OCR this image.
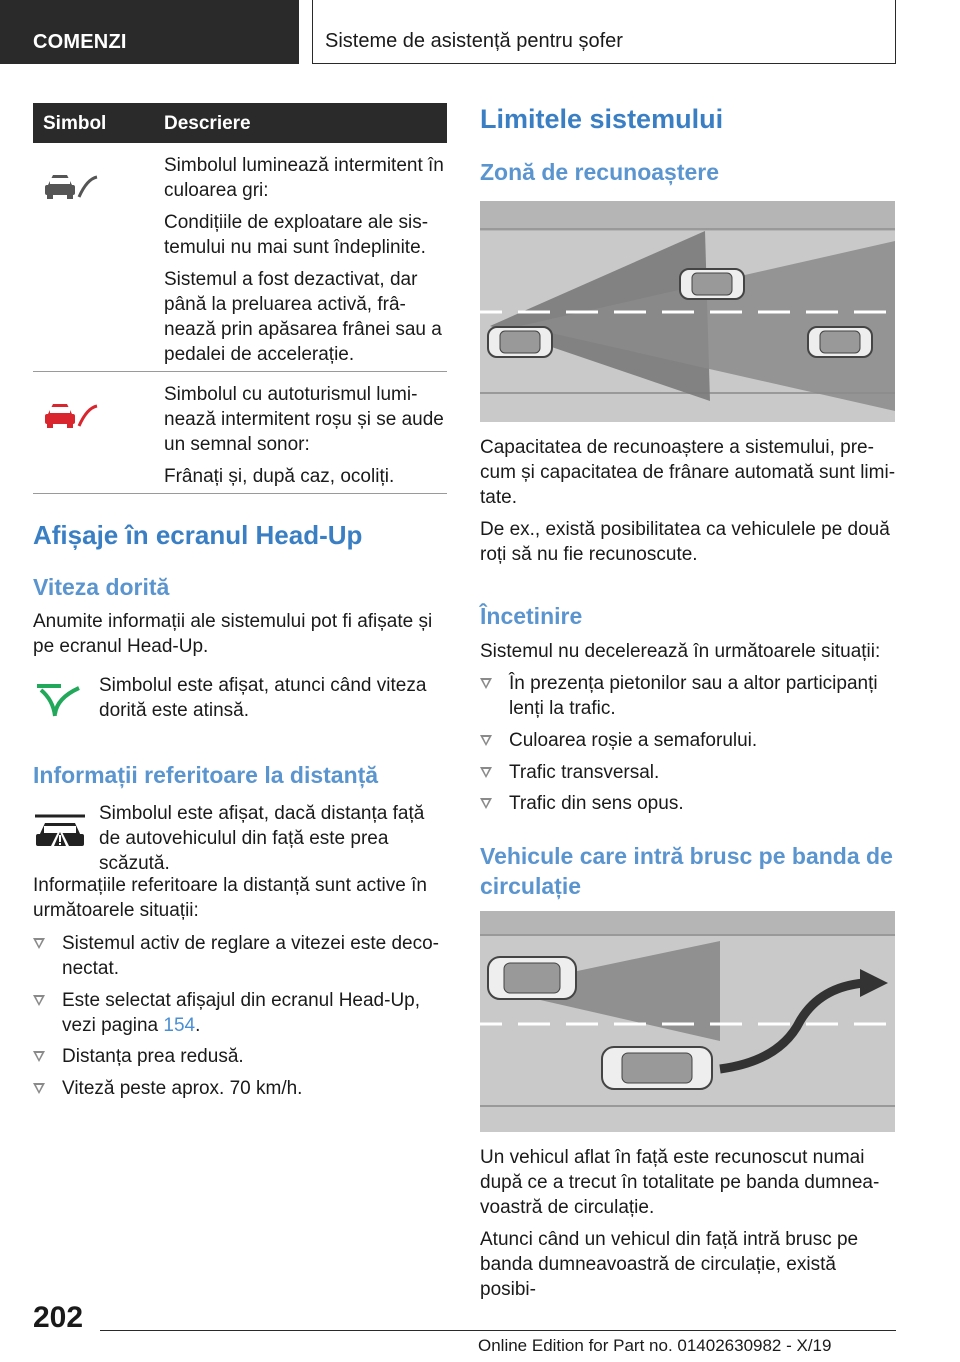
COMENZI	Sisteme de asistență pentru șofer
Simbol	Descriere

Simbolul luminează intermitent în culoarea gri:

Condițiile de exploatare ale sis-temului nu mai sunt îndeplinite.

Sistemul a fost dezactivat, dar până la preluarea activă, frâ-nează prin apăsarea frânei sau a pedalei de accelerație.

Simbolul cu autoturismul lumi-nează intermitent roșu și se aude un semnal sonor:

Frânați și, după caz, ocoliți.

Afișaje în ecranul Head-Up
Viteza dorită
Anumite informații ale sistemului pot fi afișate și pe ecranul Head-Up.
Simbolul este afișat, atunci când viteza dorită este atinsă.
Informații referitoare la distanță
Simbolul este afișat, dacă distanța față de autovehiculul din față este prea scăzută.
Informațiile referitoare la distanță sunt active în următoarele situații:
Sistemul activ de reglare a vitezei este deco-nectat.
Este selectat afișajul din ecranul Head-Up, vezi pagina 154.
Distanța prea redusă.
Viteză peste aprox. 70 km/h.
Limitele sistemului
Zonă de recunoaștere
Capacitatea de recunoaștere a sistemului, pre-cum și capacitatea de frânare automată sunt limi-tate.
De ex., există posibilitatea ca vehiculele pe două roți să nu fie recunoscute.
Încetinire
Sistemul nu decelerează în următoarele situații:
În prezența pietonilor sau a altor participanți lenți la trafic.
Culoarea roșie a semaforului.
Trafic transversal.
Trafic din sens opus.
Vehicule care intră brusc pe banda de circulație
Un vehicul aflat în față este recunoscut numai după ce a trecut în totalitate pe banda dumnea-voastră de circulație.
Atunci când un vehicul din față intră brusc pe banda dumneavoastră de circulație, există posibi-
202
Online Edition for Part no. 01402630982 - X/19
